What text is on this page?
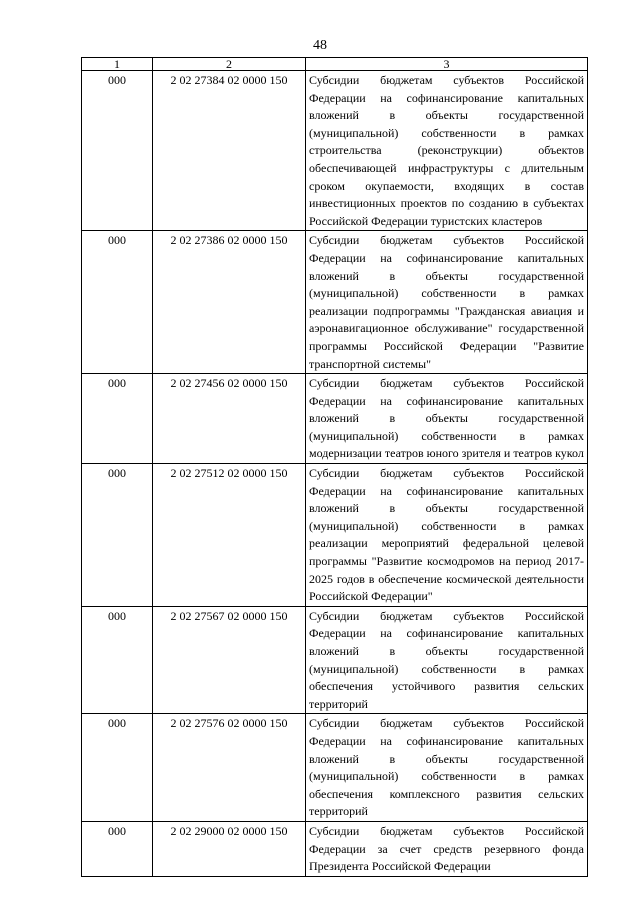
48
1	2	3
000	2 02 27384 02 0000 150	Субсидии бюджетам субъектов Российской Федерации на софинансирование капитальных вложений в объекты государственной (муниципальной) собственности в рамках строительства (реконструкции) объектов обеспечивающей инфраструктуры с длительным сроком окупаемости, входящих в состав инвестиционных проектов по созданию в субъектах Российской Федерации туристских кластеров
000	2 02 27386 02 0000 150	Субсидии бюджетам субъектов Российской Федерации на софинансирование капитальных вложений в объекты государственной (муниципальной) собственности в рамках реализации подпрограммы "Гражданская авиация и аэронавигационное обслуживание" государственной программы Российской Федерации "Развитие транспортной системы"
000	2 02 27456 02 0000 150	Субсидии бюджетам субъектов Российской Федерации на софинансирование капитальных вложений в объекты государственной (муниципальной) собственности в рамках модернизации театров юного зрителя и театров кукол
000	2 02 27512 02 0000 150	Субсидии бюджетам субъектов Российской Федерации на софинансирование капитальных вложений в объекты государственной (муниципальной) собственности в рамках реализации мероприятий федеральной целевой программы "Развитие космодромов на период 2017-2025 годов в обеспечение космической деятельности Российской Федерации"
000	2 02 27567 02 0000 150	Субсидии бюджетам субъектов Российской Федерации на софинансирование капитальных вложений в объекты государственной (муниципальной) собственности в рамках обеспечения устойчивого развития сельских территорий
000	2 02 27576 02 0000 150	Субсидии бюджетам субъектов Российской Федерации на софинансирование капитальных вложений в объекты государственной (муниципальной) собственности в рамках обеспечения комплексного развития сельских территорий
000	2 02 29000 02 0000 150	Субсидии бюджетам субъектов Российской Федерации за счет средств резервного фонда Президента Российской Федерации
